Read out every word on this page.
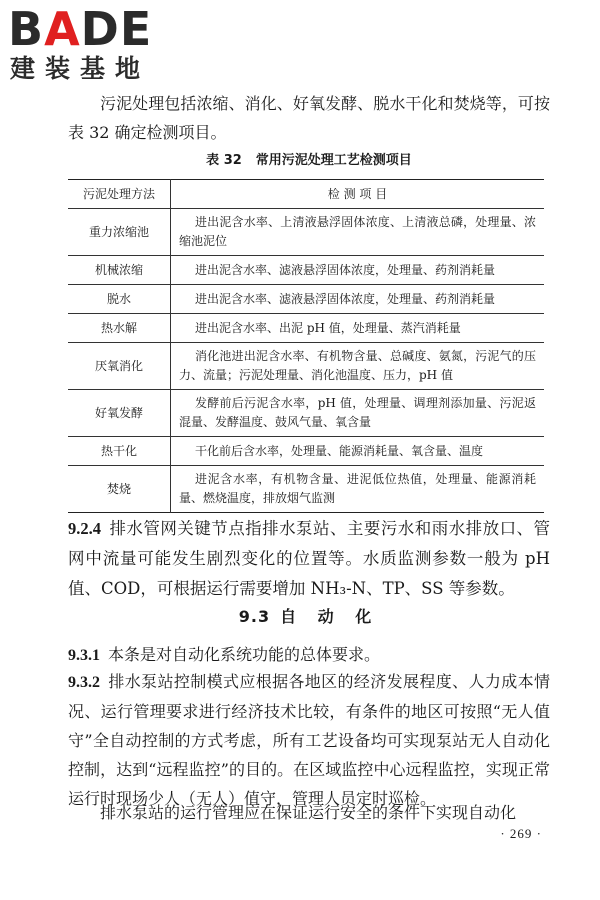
BADE
建装基地

污泥处理包括浓缩、消化、好氧发酵、脱水干化和焚烧等，可按表 32 确定检测项目。

表 32 常用污泥处理工艺检测项目
污泥处理方法	检 测 项 目
重力浓缩池	进出泥含水率、上清液悬浮固体浓度、上清液总磷，处理量、浓缩池泥位
机械浓缩	进出泥含水率、滤液悬浮固体浓度，处理量、药剂消耗量
脱水	进出泥含水率、滤液悬浮固体浓度，处理量、药剂消耗量
热水解	进出泥含水率、出泥 pH 值，处理量、蒸汽消耗量
厌氧消化	消化池进出泥含水率、有机物含量、总碱度、氨氮，污泥气的压力、流量；污泥处理量、消化池温度、压力，pH 值
好氧发酵	发酵前后污泥含水率，pH 值，处理量、调理剂添加量、污泥返混量、发酵温度、鼓风气量、氧含量
热干化	干化前后含水率，处理量、能源消耗量、氧含量、温度
焚烧	进泥含水率，有机物含量、进泥低位热值，处理量、能源消耗量、燃烧温度，排放烟气监测

9.2.4 排水管网关键节点指排水泵站、主要污水和雨水排放口、管网中流量可能发生剧烈变化的位置等。水质监测参数一般为 pH 值、COD，可根据运行需要增加 NH₃-N、TP、SS 等参数。

9.3 自 动 化

9.3.1 本条是对自动化系统功能的总体要求。

9.3.2 排水泵站控制模式应根据各地区的经济发展程度、人力成本情况、运行管理要求进行经济技术比较，有条件的地区可按照“无人值守”全自动控制的方式考虑，所有工艺设备均可实现泵站无人自动化控制，达到“远程监控”的目的。在区域监控中心远程监控，实现正常运行时现场少人（无人）值守，管理人员定时巡检。

排水泵站的运行管理应在保证运行安全的条件下实现自动化

· 269 ·
